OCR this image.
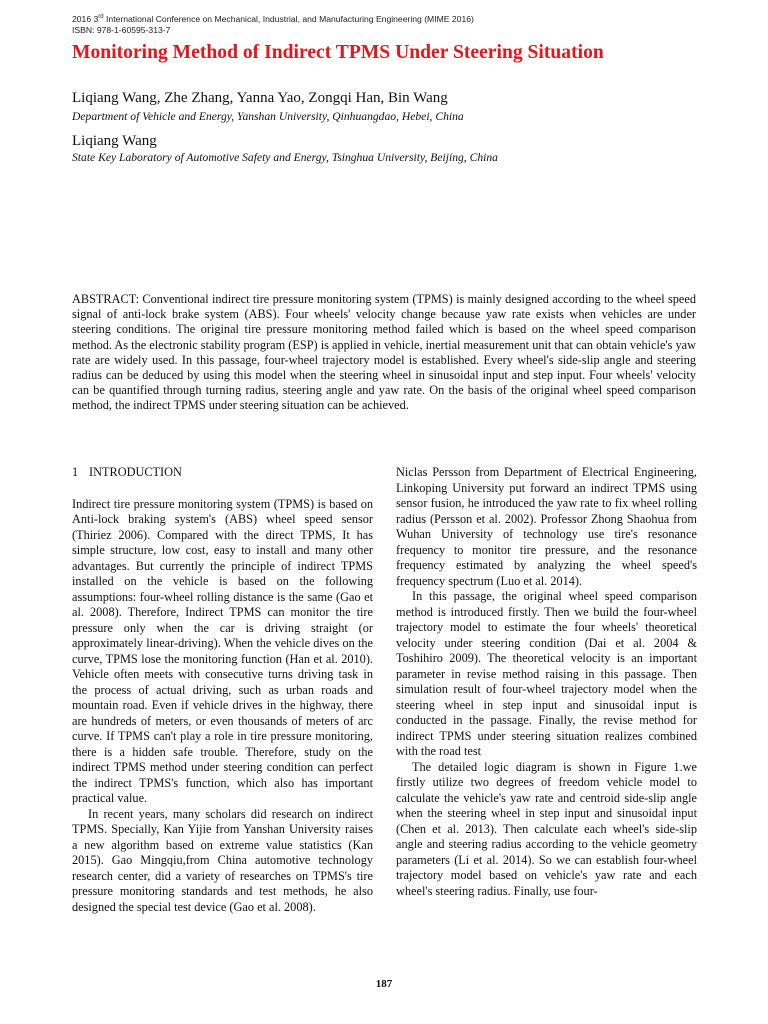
2016 3rd International Conference on Mechanical, Industrial, and Manufacturing Engineering (MIME 2016)
ISBN: 978-1-60595-313-7
Monitoring Method of Indirect TPMS Under Steering Situation
Liqiang Wang, Zhe Zhang, Yanna Yao, Zongqi Han, Bin Wang
Department of Vehicle and Energy, Yanshan University, Qinhuangdao, Hebei, China
Liqiang Wang
State Key Laboratory of Automotive Safety and Energy, Tsinghua University, Beijing, China
ABSTRACT: Conventional indirect tire pressure monitoring system (TPMS) is mainly designed according to the wheel speed signal of anti-lock brake system (ABS). Four wheels' velocity change because yaw rate exists when vehicles are under steering conditions. The original tire pressure monitoring method failed which is based on the wheel speed comparison method. As the electronic stability program (ESP) is applied in vehicle, inertial measurement unit that can obtain vehicle's yaw rate are widely used. In this passage, four-wheel trajectory model is established. Every wheel's side-slip angle and steering radius can be deduced by using this model when the steering wheel in sinusoidal input and step input. Four wheels' velocity can be quantified through turning radius, steering angle and yaw rate. On the basis of the original wheel speed comparison method, the indirect TPMS under steering situation can be achieved.

1 INTRODUCTION

Indirect tire pressure monitoring system (TPMS) is based on Anti-lock braking system's (ABS) wheel speed sensor (Thiriez 2006). Compared with the direct TPMS, It has simple structure, low cost, easy to install and many other advantages. But currently the principle of indirect TPMS installed on the vehicle is based on the following assumptions: four-wheel rolling distance is the same (Gao et al. 2008). Therefore, Indirect TPMS can monitor the tire pressure only when the car is driving straight (or approximately linear-driving). When the vehicle dives on the curve, TPMS lose the monitoring function (Han et al. 2010). Vehicle often meets with consecutive turns driving task in the process of actual driving, such as urban roads and mountain road. Even if vehicle drives in the highway, there are hundreds of meters, or even thousands of meters of arc curve. If TPMS can't play a role in tire pressure monitoring, there is a hidden safe trouble. Therefore, study on the indirect TPMS method under steering condition can perfect the indirect TPMS's function, which also has important practical value.

In recent years, many scholars did research on indirect TPMS. Specially, Kan Yijie from Yanshan University raises a new algorithm based on extreme value statistics (Kan 2015). Gao Mingqiu,from China automotive technology research center, did a variety of researches on TPMS's tire pressure monitoring standards and test methods, he also designed the special test device (Gao et al. 2008).

Niclas Persson from Department of Electrical Engineering, Linkoping University put forward an indirect TPMS using sensor fusion, he introduced the yaw rate to fix wheel rolling radius (Persson et al. 2002). Professor Zhong Shaohua from Wuhan University of technology use tire's resonance frequency to monitor tire pressure, and the resonance frequency estimated by analyzing the wheel speed's frequency spectrum (Luo et al. 2014).

In this passage, the original wheel speed comparison method is introduced firstly. Then we build the four-wheel trajectory model to estimate the four wheels' theoretical velocity under steering condition (Dai et al. 2004 & Toshihiro 2009). The theoretical velocity is an important parameter in revise method raising in this passage. Then simulation result of four-wheel trajectory model when the steering wheel in step input and sinusoidal input is conducted in the passage. Finally, the revise method for indirect TPMS under steering situation realizes combined with the road test

The detailed logic diagram is shown in Figure 1.we firstly utilize two degrees of freedom vehicle model to calculate the vehicle's yaw rate and centroid side-slip angle when the steering wheel in step input and sinusoidal input (Chen et al. 2013). Then calculate each wheel's side-slip angle and steering radius according to the vehicle geometry parameters (Li et al. 2014). So we can establish four-wheel trajectory model based on vehicle's yaw rate and each wheel's steering radius. Finally, use four-

187
